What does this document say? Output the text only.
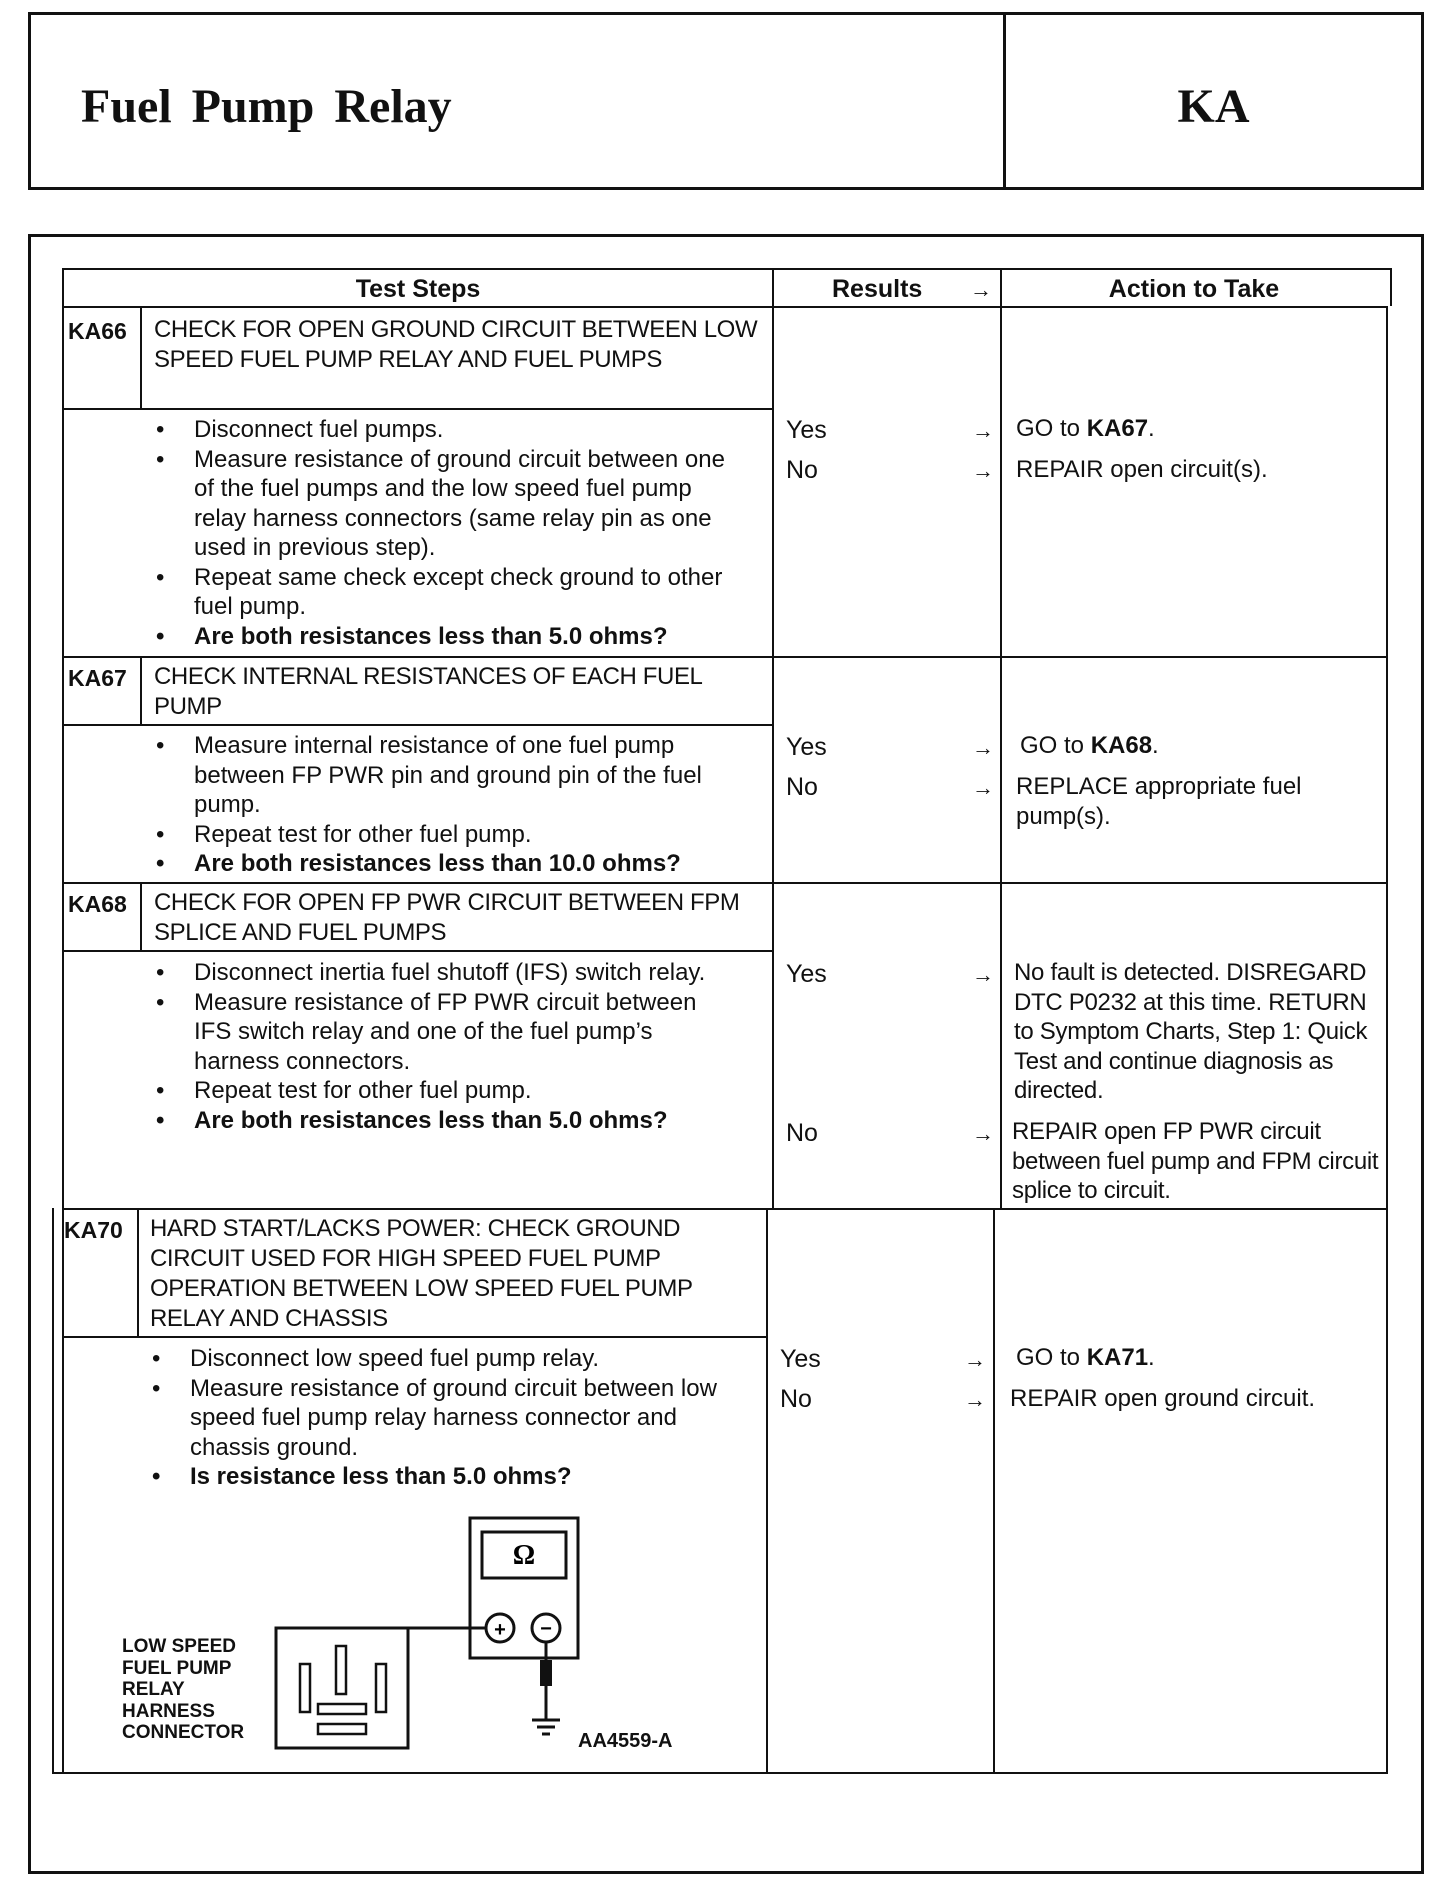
Fuel Pump Relay	KA
Test Steps	Results	→	Action to Take
KA66 CHECK FOR OPEN GROUND CIRCUIT BETWEEN LOW SPEED FUEL PUMP RELAY AND FUEL PUMPS
• Disconnect fuel pumps.
• Measure resistance of ground circuit between one of the fuel pumps and the low speed fuel pump relay harness connectors (same relay pin as one used in previous step).
• Repeat same check except check ground to other fuel pump.
• Are both resistances less than 5.0 ohms?
Yes	→ GO to KA67.
No	→ REPAIR open circuit(s).
KA67 CHECK INTERNAL RESISTANCES OF EACH FUEL PUMP
• Measure internal resistance of one fuel pump between FP PWR pin and ground pin of the fuel pump.
• Repeat test for other fuel pump.
• Are both resistances less than 10.0 ohms?
Yes	→ GO to KA68.
No	→ REPLACE appropriate fuel pump(s).
KA68 CHECK FOR OPEN FP PWR CIRCUIT BETWEEN FPM SPLICE AND FUEL PUMPS
• Disconnect inertia fuel shutoff (IFS) switch relay.
• Measure resistance of FP PWR circuit between IFS switch relay and one of the fuel pump’s harness connectors.
• Repeat test for other fuel pump.
• Are both resistances less than 5.0 ohms?
Yes	→ No fault is detected. DISREGARD DTC P0232 at this time. RETURN to Symptom Charts, Step 1: Quick Test and continue diagnosis as directed.
No	→ REPAIR open FP PWR circuit between fuel pump and FPM circuit splice to circuit.
KA70 HARD START/LACKS POWER: CHECK GROUND CIRCUIT USED FOR HIGH SPEED FUEL PUMP OPERATION BETWEEN LOW SPEED FUEL PUMP RELAY AND CHASSIS
• Disconnect low speed fuel pump relay.
• Measure resistance of ground circuit between low speed fuel pump relay harness connector and chassis ground.
• Is resistance less than 5.0 ohms?
Yes	→ GO to KA71.
No	→ REPAIR open ground circuit.
Ω
+ −
LOW SPEED
FUEL PUMP
RELAY
HARNESS
CONNECTOR	AA4559-A
